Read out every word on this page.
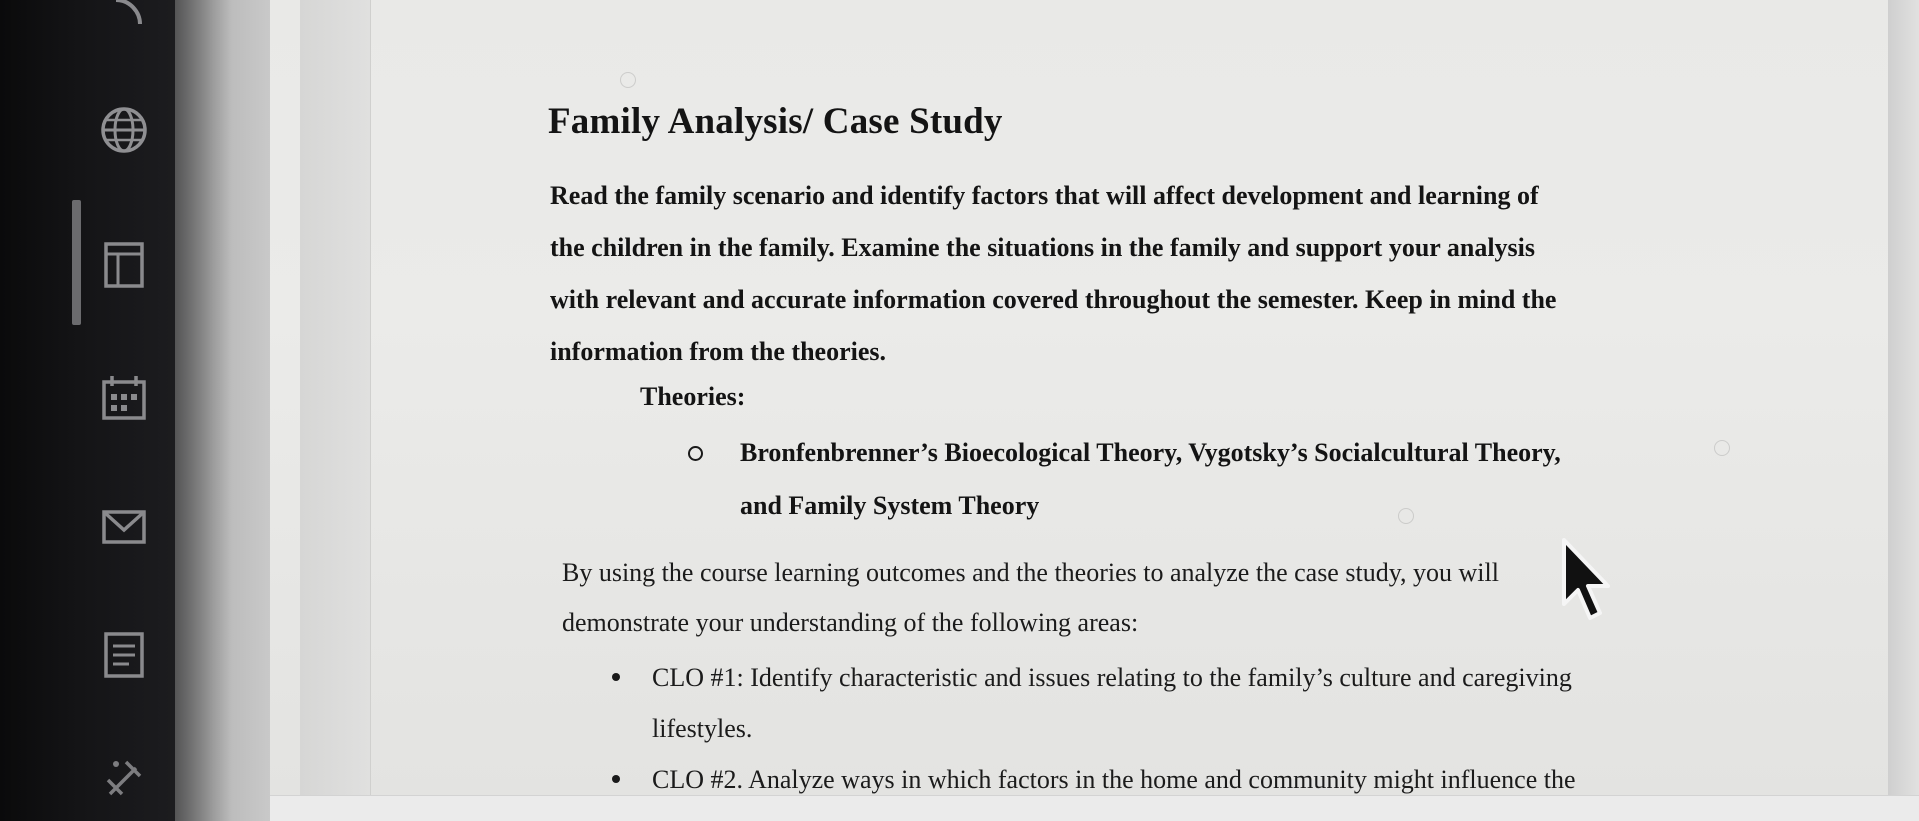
Family Analysis/ Case Study
Read the family scenario and identify factors that will affect development and learning of
the children in the family. Examine the situations in the family and support your analysis
with relevant and accurate information covered throughout the semester. Keep in mind the
information from the theories.
Theories:
Bronfenbrenner’s Bioecological Theory, Vygotsky’s Socialcultural Theory,
and Family System Theory
By using the course learning outcomes and the theories to analyze the case study, you will
demonstrate your understanding of the following areas:
CLO #1: Identify characteristic and issues relating to the family’s culture and caregiving
lifestyles.
CLO #2. Analyze ways in which factors in the home and community might influence the
